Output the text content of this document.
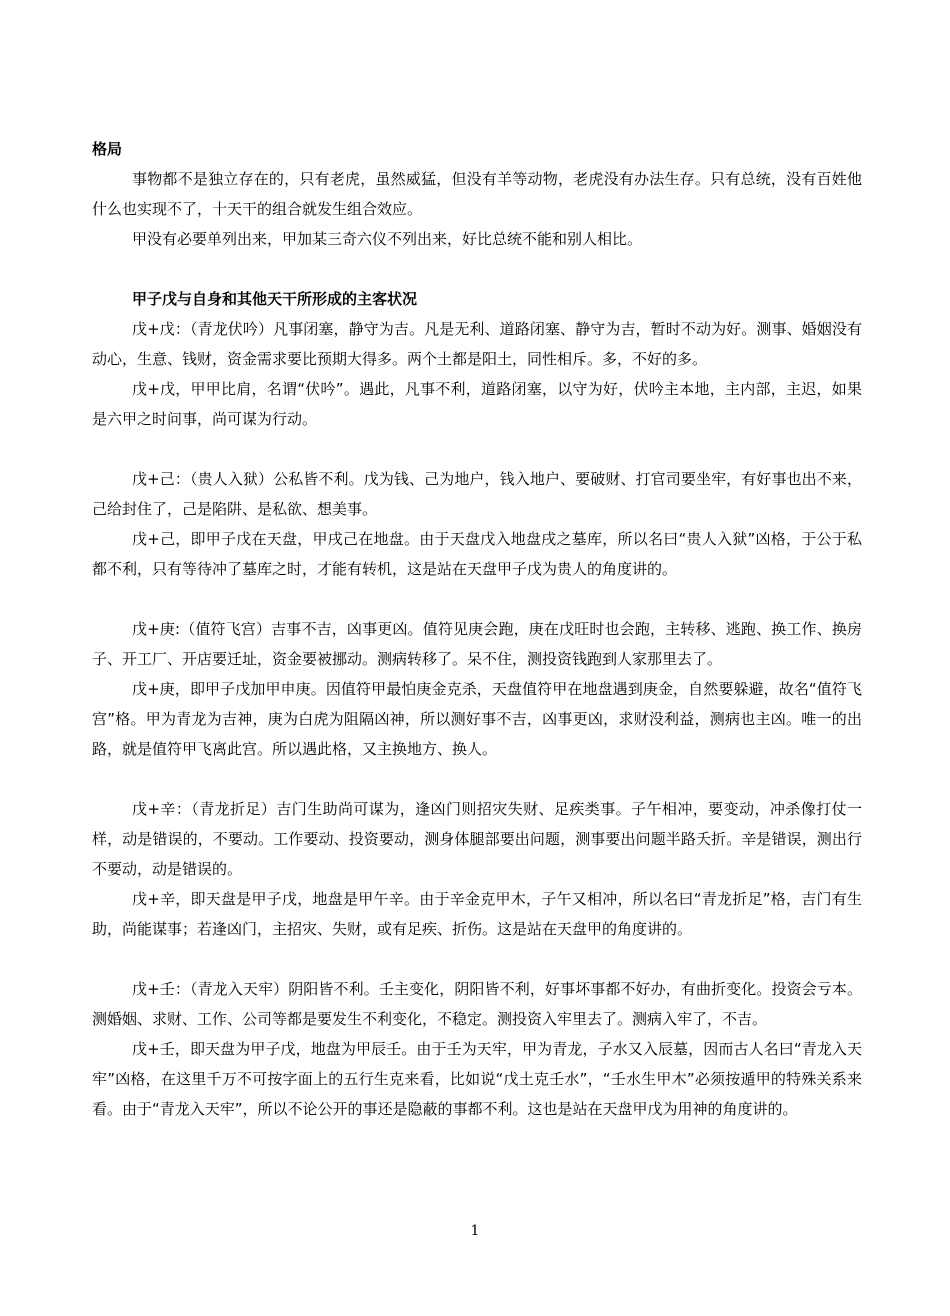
格局

事物都不是独立存在的，只有老虎，虽然威猛，但没有羊等动物，老虎没有办法生存。只有总统，没有百姓他什么也实现不了，十天干的组合就发生组合效应。

甲没有必要单列出来，甲加某三奇六仪不列出来，好比总统不能和别人相比。

甲子戊与自身和其他天干所形成的主客状况

戊+戊：（青龙伏吟）凡事闭塞，静守为吉。凡是无利、道路闭塞、静守为吉，暂时不动为好。测事、婚姻没有动心，生意、钱财，资金需求要比预期大得多。两个土都是阳土，同性相斥。多，不好的多。

戊+戊，甲甲比肩，名谓“伏吟”。遇此，凡事不利，道路闭塞，以守为好，伏吟主本地，主内部，主迟，如果是六甲之时问事，尚可谋为行动。

戊+己：（贵人入狱）公私皆不利。戊为钱、己为地户，钱入地户、要破财、打官司要坐牢，有好事也出不来，己给封住了，己是陷阱、是私欲、想美事。

戊+己，即甲子戊在天盘，甲戌己在地盘。由于天盘戊入地盘戌之墓库，所以名曰“贵人入狱”凶格，于公于私都不利，只有等待冲了墓库之时，才能有转机，这是站在天盘甲子戊为贵人的角度讲的。

戊+庚:（值符飞宫）吉事不吉，凶事更凶。值符见庚会跑，庚在戊旺时也会跑，主转移、逃跑、换工作、换房子、开工厂、开店要迁址，资金要被挪动。测病转移了。呆不住，测投资钱跑到人家那里去了。

戊+庚，即甲子戊加甲申庚。因值符甲最怕庚金克杀，天盘值符甲在地盘遇到庚金，自然要躲避，故名“值符飞宫”格。甲为青龙为吉神，庚为白虎为阻隔凶神，所以测好事不吉，凶事更凶，求财没利益，测病也主凶。唯一的出路，就是值符甲飞离此宫。所以遇此格，又主换地方、换人。

戊+辛：（青龙折足）吉门生助尚可谋为，逢凶门则招灾失财、足疾类事。子午相冲，要变动，冲杀像打仗一样，动是错误的，不要动。工作要动、投资要动，测身体腿部要出问题，测事要出问题半路夭折。辛是错误，测出行不要动，动是错误的。

戊+辛，即天盘是甲子戊，地盘是甲午辛。由于辛金克甲木，子午又相冲，所以名曰“青龙折足”格，吉门有生助，尚能谋事；若逢凶门，主招灾、失财，或有足疾、折伤。这是站在天盘甲的角度讲的。

戊+壬：（青龙入天牢）阴阳皆不利。壬主变化，阴阳皆不利，好事坏事都不好办，有曲折变化。投资会亏本。测婚姻、求财、工作、公司等都是要发生不利变化，不稳定。测投资入牢里去了。测病入牢了，不吉。

戊+壬，即天盘为甲子戊，地盘为甲辰壬。由于壬为天牢，甲为青龙，子水又入辰墓，因而古人名曰“青龙入天牢”凶格，在这里千万不可按字面上的五行生克来看，比如说“戊土克壬水”，“壬水生甲木”必须按遁甲的特殊关系来看。由于“青龙入天牢”，所以不论公开的事还是隐蔽的事都不利。这也是站在天盘甲戊为用神的角度讲的。

1
